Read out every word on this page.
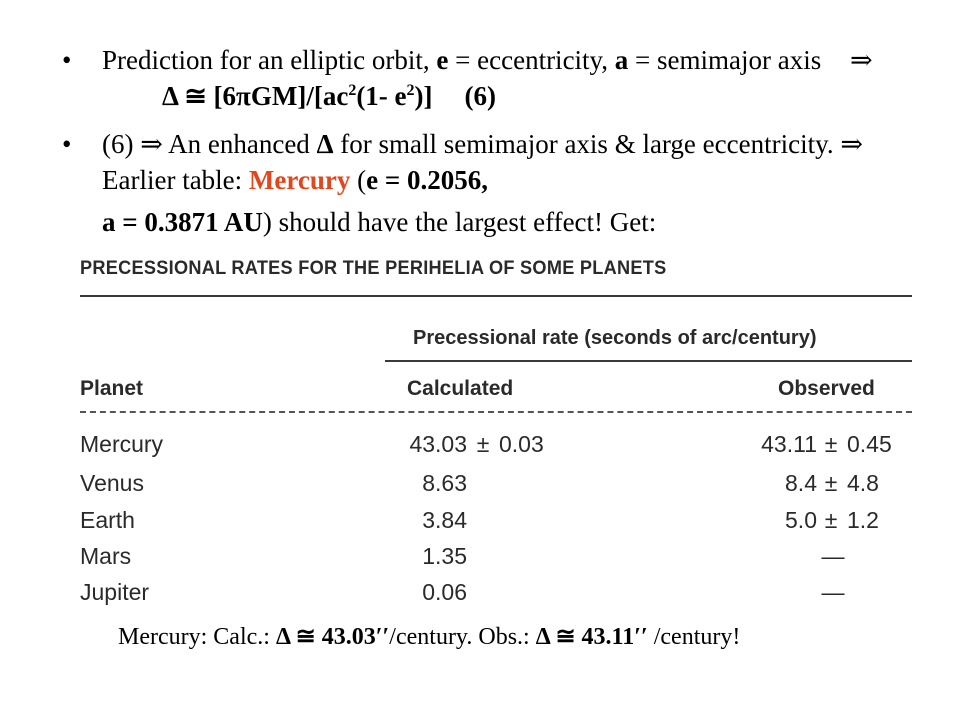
• Prediction for an elliptic orbit, e = eccentricity, a = semimajor axis ⇒Δ ≅ $[6\pi GM]/[ac^2(1-$ $e^2$)] (6)
• (6) ⇒ An enhanced Δ for small semimajor axis & large eccentricity. ⇒ Earlier table: Mercury (e = 0.2056,
a = 0.3871 AU) should have the largest effect! Get:
PRECESSIONAL RATES FOR THE PERIHELIA OF SOME PLANETS
Precessional rate (seconds of arc/century)
Planet	Calculated	Observed
Mercury	43.03 ± 0.03	43.11 ± 0.45
Venus	8.63	8.4 ± 4.8
Earth	3.84	5.0 ± 1.2
Mars	1.35	—
Jupiter	0.06	—
Mercury: Calc.: Δ ≅ 43.03′′/century. Obs.: Δ ≅ 43.11′′ /century!
